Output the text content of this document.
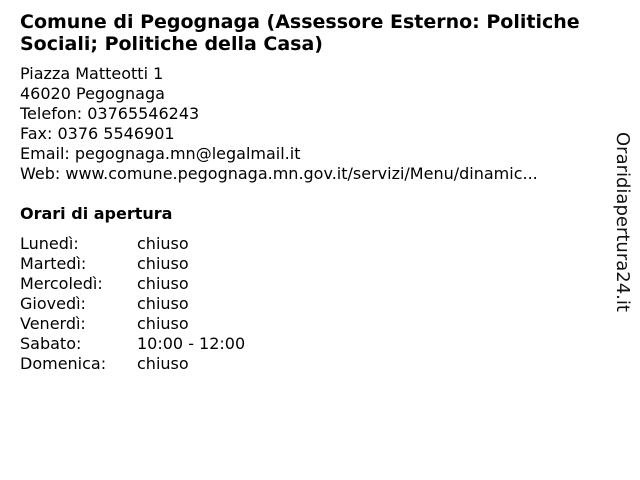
Comune di Pegognaga (Assessore Esterno: Politiche Sociali; Politiche della Casa)
Piazza Matteotti 1
46020 Pegognaga
Telefon: 03765546243
Fax: 0376 5546901
Email: pegognaga.mn@legalmail.it
Web: www.comune.pegognaga.mn.gov.it/servizi/Menu/dinamic...
Orari di apertura
Lunedì:	chiuso
Martedì:	chiuso
Mercoledì:	chiuso
Giovedì:	chiuso
Venerdì:	chiuso
Sabato:	10:00 - 12:00
Domenica:	chiuso
Oraridiapertura24.it
